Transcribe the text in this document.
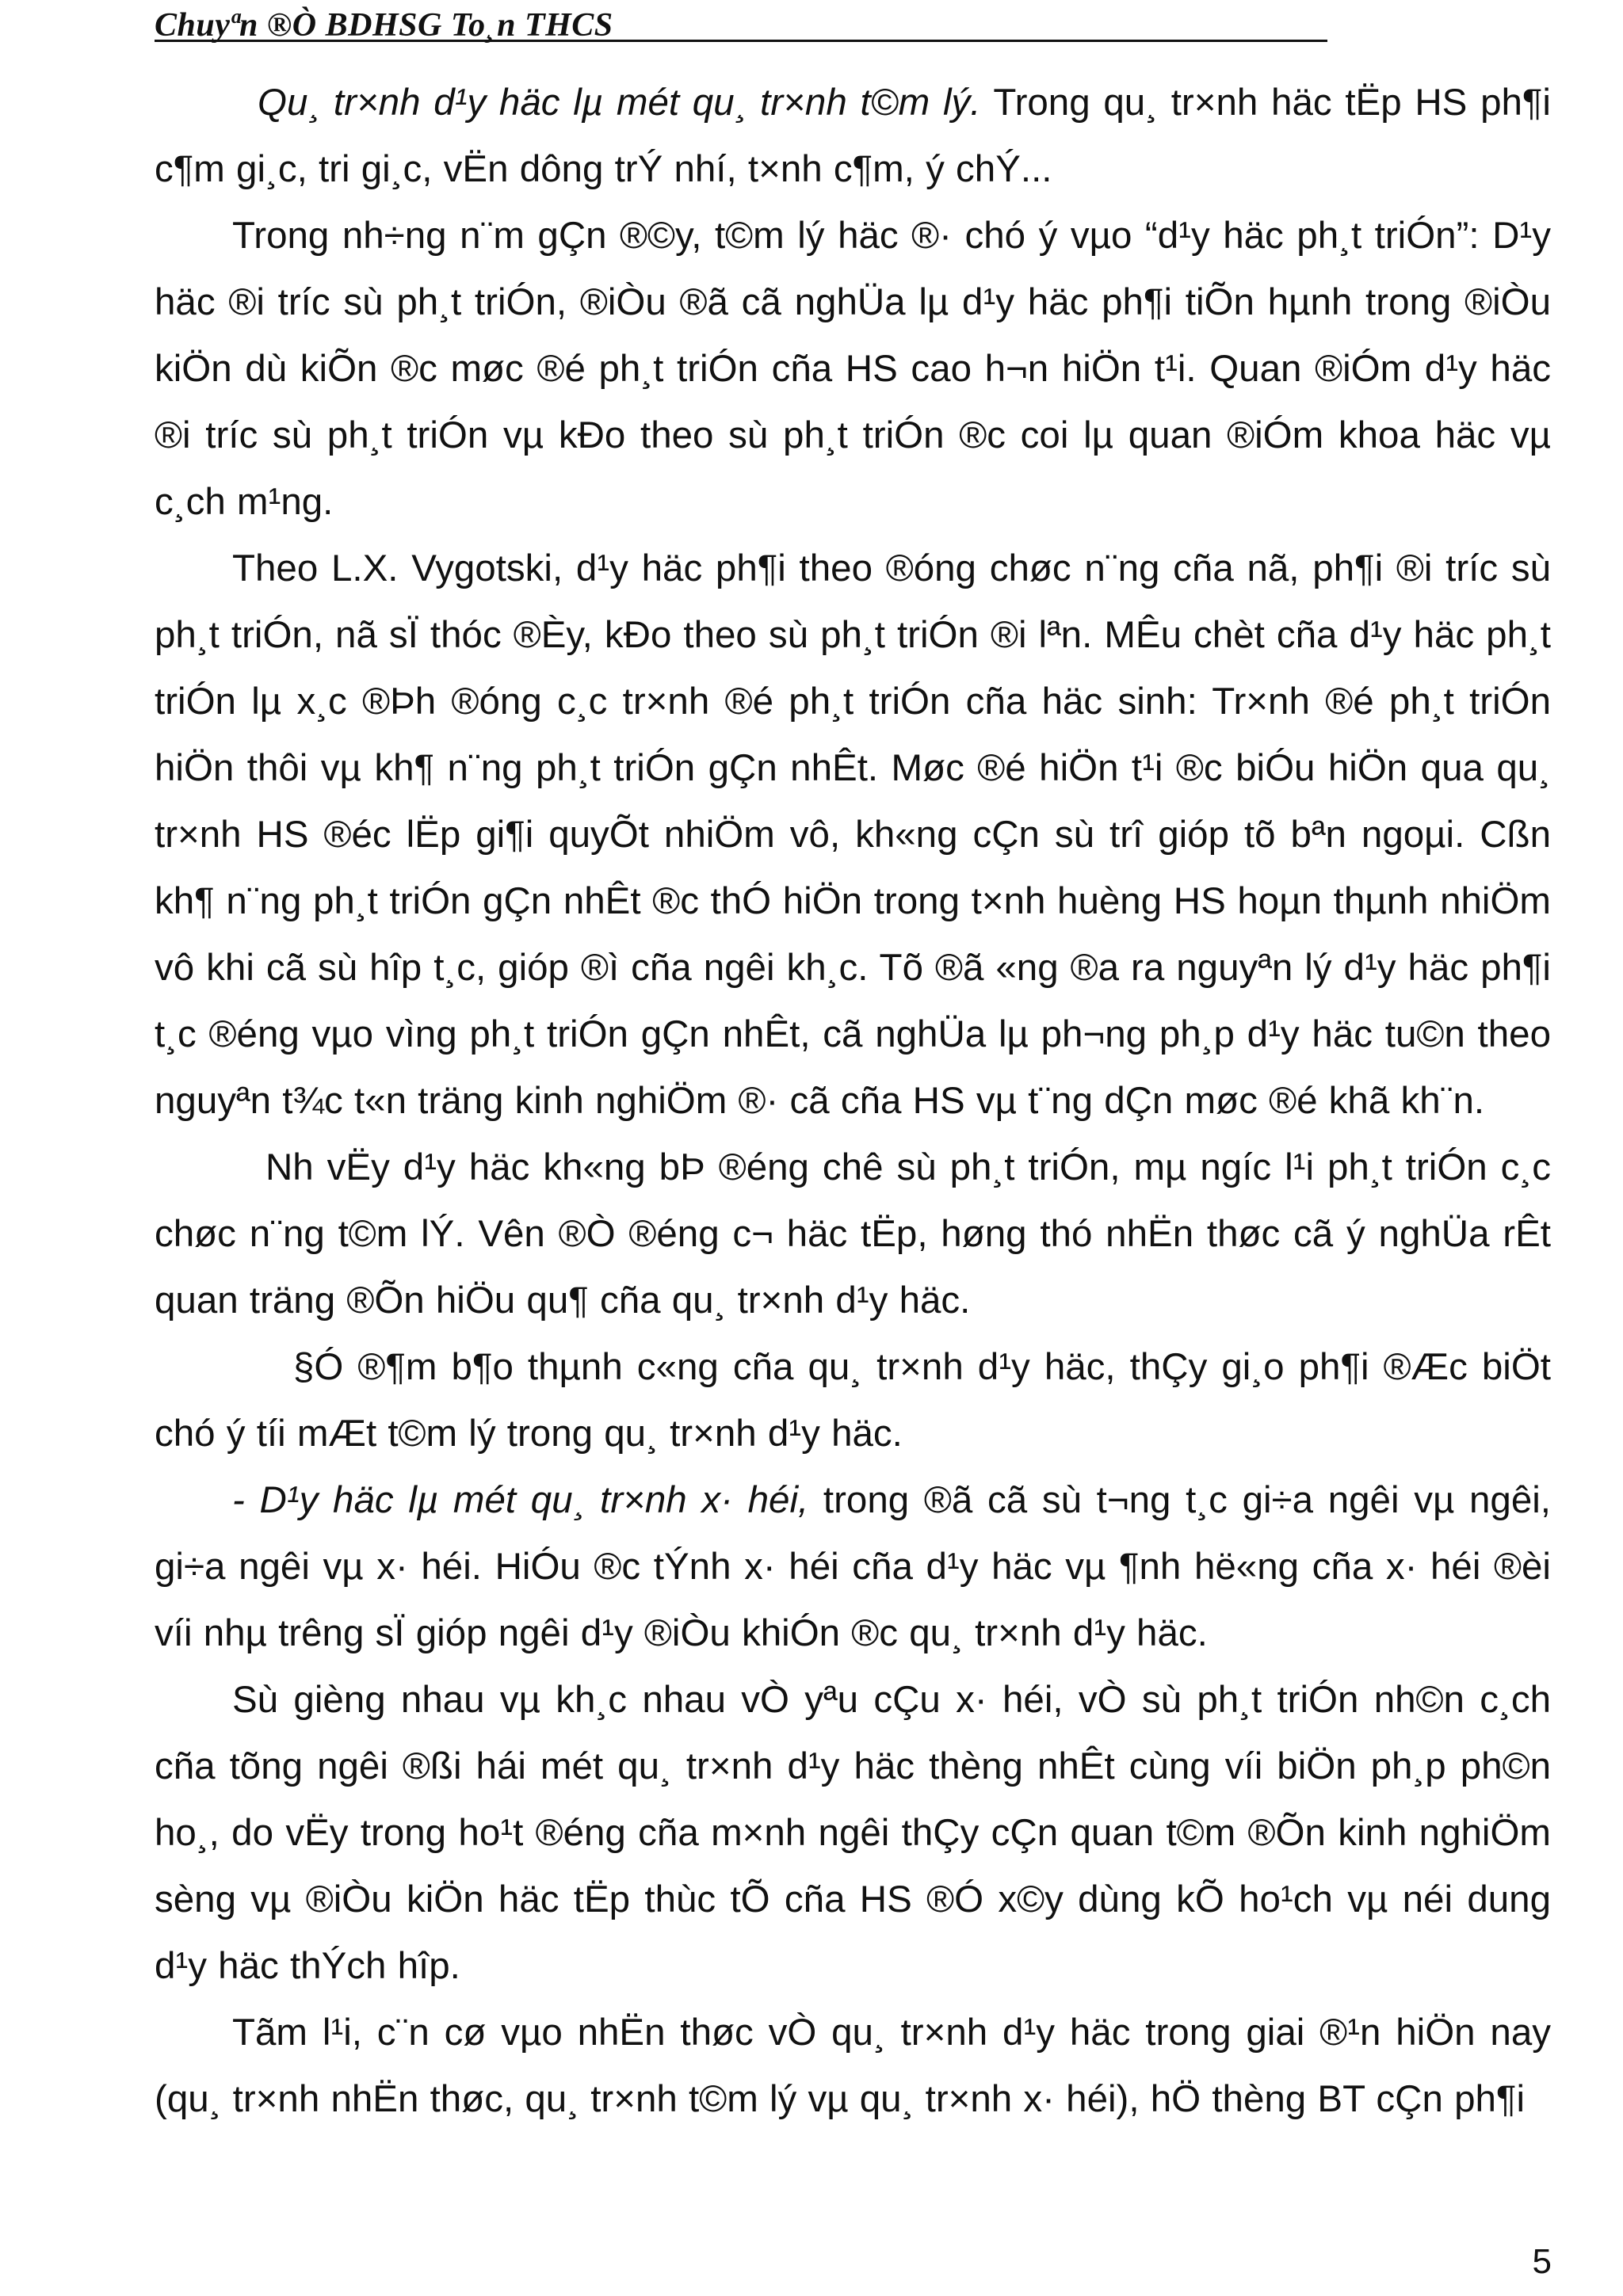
Chuyªn ®Ò BDHSG To¸n THCS

Qu¸ tr×nh d¹y häc lµ mét qu¸ tr×nh t©m lý. Trong qu¸ tr×nh häc tËp HS ph¶i c¶m gi¸c, tri gi¸c, vËn dông trÝ nhí, t×nh c¶m, ý chÝ...

Trong nh÷ng n¨m gÇn ®©y, t©m lý häc ®· chó ý vµo “d¹y häc ph¸t triÓn”: D¹y häc ®i tríc sù ph¸t triÓn, ®iÒu ®ã cã nghÜa lµ d¹y häc ph¶i tiÕn hµnh trong ®iÒu kiÖn dù kiÕn ®c møc ®é ph¸t triÓn cña HS cao h¬n hiÖn t¹i. Quan ®iÓm d¹y häc ®i tríc sù ph¸t triÓn vµ kÐo theo sù ph¸t triÓn ®c coi lµ quan ®iÓm khoa häc vµ c¸ch m¹ng.

Theo L.X. Vygotski, d¹y häc ph¶i theo ®óng chøc n¨ng cña nã, ph¶i ®i tríc sù ph¸t triÓn, nã sÏ thóc ®Èy, kÐo theo sù ph¸t triÓn ®i lªn. MÊu chèt cña d¹y häc ph¸t triÓn lµ x¸c ®Þh ®óng c¸c tr×nh ®é ph¸t triÓn cña häc sinh: Tr×nh ®é ph¸t triÓn hiÖn thôi vµ kh¶ n¨ng ph¸t triÓn gÇn nhÊt. Møc ®é hiÖn t¹i ®c biÓu hiÖn qua qu¸ tr×nh HS ®éc lËp gi¶i quyÕt nhiÖm vô, kh«ng cÇn sù trî gióp tõ bªn ngoµi. Cßn kh¶ n¨ng ph¸t triÓn gÇn nhÊt ®c thÓ hiÖn trong t×nh huèng HS hoµn thµnh nhiÖm vô khi cã sù hîp t¸c, gióp ®ì cña ngêi kh¸c. Tõ ®ã «ng ®a ra nguyªn lý d¹y häc ph¶i t¸c ®éng vµo vìng ph¸t triÓn gÇn nhÊt, cã nghÜa lµ ph¬ng ph¸p d¹y häc tu©n theo nguyªn t¾c t«n träng kinh nghiÖm ®· cã cña HS vµ t¨ng dÇn møc ®é khã kh¨n.

Nh vËy d¹y häc kh«ng bÞ ®éng chê sù ph¸t triÓn, mµ ngíc l¹i ph¸t triÓn c¸c chøc n¨ng t©m lÝ. Vên ®Ò ®éng c¬ häc tËp, høng thó nhËn thøc cã ý nghÜa rÊt quan träng ®Õn hiÖu qu¶ cña qu¸ tr×nh d¹y häc.

§Ó ®¶m b¶o thµnh c«ng cña qu¸ tr×nh d¹y häc, thÇy gi¸o ph¶i ®Æc biÖt chó ý tíi mÆt t©m lý trong qu¸ tr×nh d¹y häc.

- D¹y häc lµ mét qu¸ tr×nh x· héi, trong ®ã cã sù t¬ng t¸c gi÷a ngêi vµ ngêi, gi÷a ngêi vµ x· héi. HiÓu ®c tÝnh x· héi cña d¹y häc vµ ¶nh hë«ng cña x· héi ®èi víi nhµ trêng sÏ gióp ngêi d¹y ®iÒu khiÓn ®c qu¸ tr×nh d¹y häc.

Sù gièng nhau vµ kh¸c nhau vÒ yªu cÇu x· héi, vÒ sù ph¸t triÓn nh©n c¸ch cña tõng ngêi ®ßi hái mét qu¸ tr×nh d¹y häc thèng nhÊt cùng víi biÖn ph¸p ph©n ho¸, do vËy trong ho¹t ®éng cña m×nh ngêi thÇy cÇn quan t©m ®Õn kinh nghiÖm sèng vµ ®iÒu kiÖn häc tËp thùc tÕ cña HS ®Ó x©y dùng kÕ ho¹ch vµ néi dung d¹y häc thÝch hîp.

Tãm l¹i, c¨n cø vµo nhËn thøc vÒ qu¸ tr×nh d¹y häc trong giai ®¹n hiÖn nay (qu¸ tr×nh nhËn thøc, qu¸ tr×nh t©m lý vµ qu¸ tr×nh x· héi), hÖ thèng BT cÇn ph¶i

5
